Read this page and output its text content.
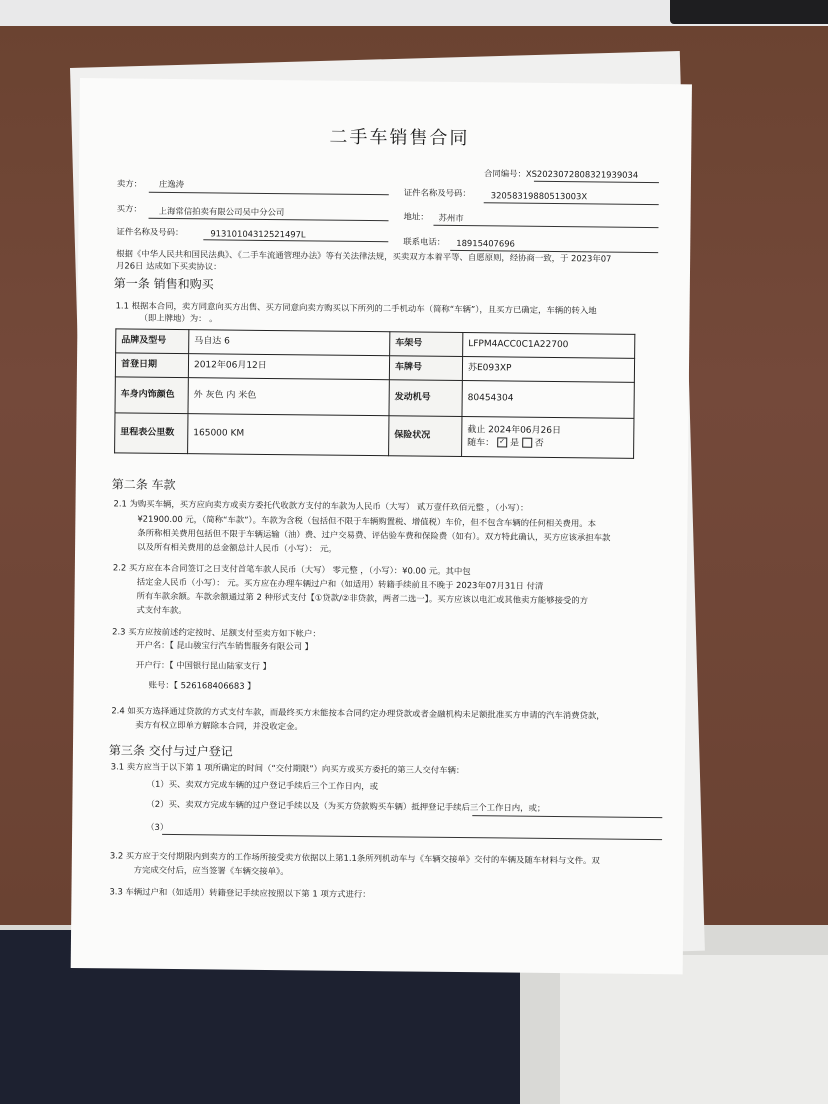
二手车销售合同
合同编号：XS2023072808321939034
卖方： 庄逸涛
证件名称及号码： 32058319880513003X
买方： 上海常信拍卖有限公司吴中分公司	地址： 苏州市
证件名称及号码：	91310104312521497L
联系电话： 18915407696
根据《中华人民共和国民法典》、《二手车流通管理办法》等有关法律法规，买卖双方本着平等、自愿原则，经协商一致，于 2023年07
月26日 达成如下买卖协议：
第一条 销售和购买
1.1 根据本合同，卖方同意向买方出售、买方同意向卖方购买以下所列的二手机动车（简称“车辆”），且买方已确定，车辆的转入地
（即上牌地）为： 。
品牌及型号	马自达 6	车架号	LFPM4ACC0C1A22700
首登日期	2012年06月12日	车牌号	苏E093XP
车身内饰颜色	外 灰色 内 米色	发动机号	80454304
里程表公里数	165000 KM	保险状况	截止 2024年06月26日
随车： ✓ 是 否
第二条 车款
2.1 为购买车辆，买方应向卖方或卖方委托代收款方支付的车款为人民币（大写） 贰万壹仟玖佰元整 ，（小写）：
¥21900.00 元，（简称“车款”）。车款为含税（包括但不限于车辆购置税、增值税）车价，但不包含车辆的任何相关费用。本
条所称相关费用包括但不限于车辆运输（油）费、过户交易费、评估验车费和保险费（如有）。双方特此确认，买方应该承担车款
以及所有相关费用的总金额总计人民币（小写）： 元。
2.2 买方应在本合同签订之日支付首笔车款人民币（大写） 零元整 ，（小写）：¥0.00 元。其中包
括定金人民币（小写）： 元。买方应在办理车辆过户和（如适用）转籍手续前且不晚于 2023年07月31日 付清
所有车款余额。车款余额通过第 2 种形式支付【①贷款/②非贷款，两者二选一】。买方应该以电汇或其他卖方能够接受的方
式支付车款。
2.3 买方应按前述约定按时、足额支付至卖方如下帐户：
开户名：【 昆山骏宝行汽车销售服务有限公司 】
开户行：【 中国银行昆山陆家支行 】
账号：【 526168406683 】
2.4 如买方选择通过贷款的方式支付车款，而最终买方未能按本合同约定办理贷款或者金融机构未足额批准买方申请的汽车消费贷款，
卖方有权立即单方解除本合同，并没收定金。
第三条 交付与过户登记
3.1 卖方应当于以下第 1 项所确定的时间（“交付期限”）向买方或买方委托的第三人交付车辆：
（1）买、卖双方完成车辆的过户登记手续后三个工作日内，或
（2）买、卖双方完成车辆的过户登记手续以及（为买方贷款购买车辆）抵押登记手续后三个工作日内，或；
（3）
3.2 买方应于交付期限内到卖方的工作场所接受卖方依据以上第1.1条所列机动车与《车辆交接单》交付的车辆及随车材料与文件。双
方完成交付后，应当签署《车辆交接单》。
3.3 车辆过户和（如适用）转籍登记手续应按照以下第 1 项方式进行：
